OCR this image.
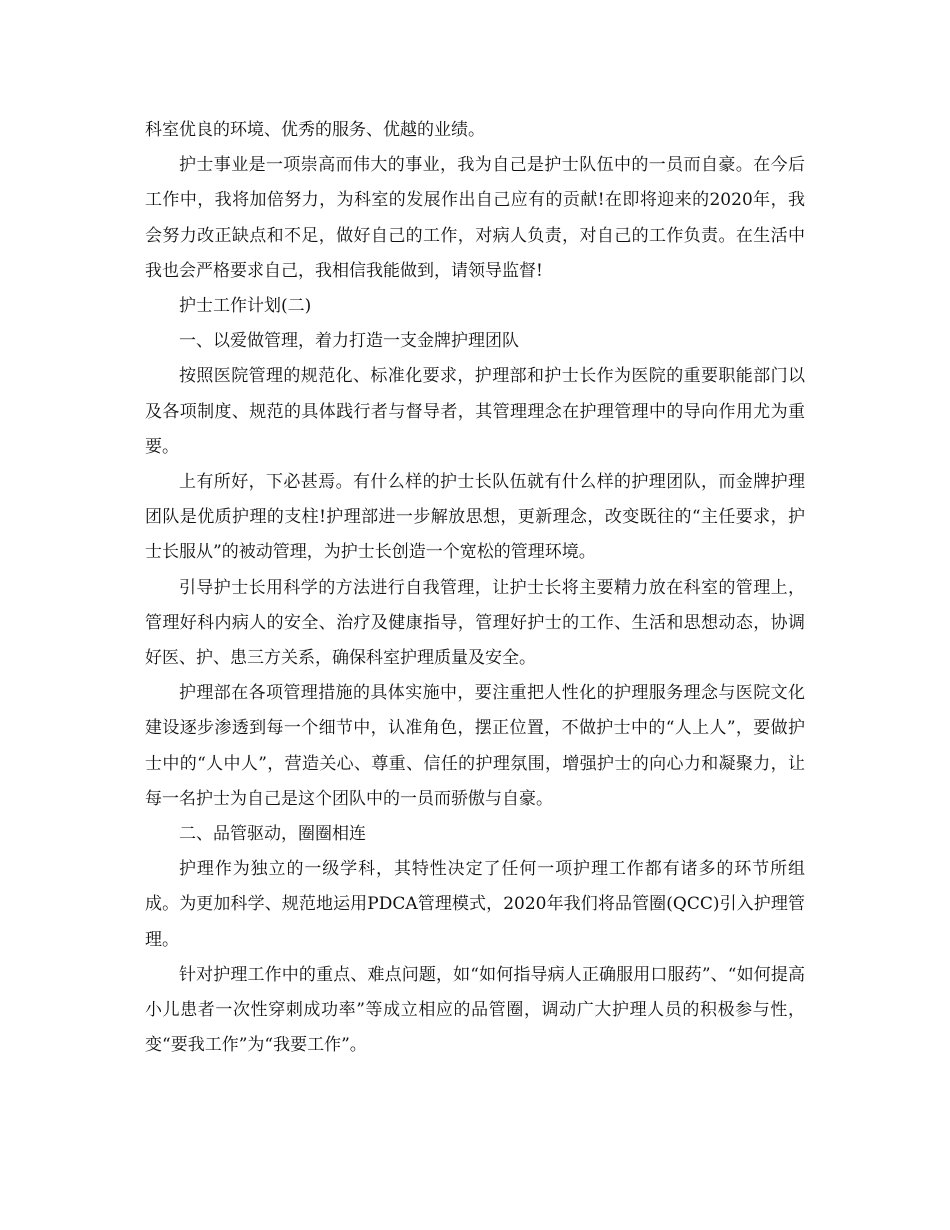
科室优良的环境、优秀的服务、优越的业绩。

护士事业是一项崇高而伟大的事业，我为自己是护士队伍中的一员而自豪。在今后工作中，我将加倍努力，为科室的发展作出自己应有的贡献!在即将迎来的2020年，我会努力改正缺点和不足，做好自己的工作，对病人负责，对自己的工作负责。在生活中我也会严格要求自己，我相信我能做到，请领导监督!

护士工作计划(二)

一、以爱做管理，着力打造一支金牌护理团队

按照医院管理的规范化、标准化要求，护理部和护士长作为医院的重要职能部门以及各项制度、规范的具体践行者与督导者，其管理理念在护理管理中的导向作用尤为重要。

上有所好，下必甚焉。有什么样的护士长队伍就有什么样的护理团队，而金牌护理团队是优质护理的支柱!护理部进一步解放思想，更新理念，改变既往的“主任要求，护士长服从”的被动管理，为护士长创造一个宽松的管理环境。

引导护士长用科学的方法进行自我管理，让护士长将主要精力放在科室的管理上，管理好科内病人的安全、治疗及健康指导，管理好护士的工作、生活和思想动态，协调好医、护、患三方关系，确保科室护理质量及安全。

护理部在各项管理措施的具体实施中，要注重把人性化的护理服务理念与医院文化建设逐步渗透到每一个细节中，认准角色，摆正位置，不做护士中的“人上人”，要做护士中的“人中人”，营造关心、尊重、信任的护理氛围，增强护士的向心力和凝聚力，让每一名护士为自己是这个团队中的一员而骄傲与自豪。

二、品管驱动，圈圈相连

护理作为独立的一级学科，其特性决定了任何一项护理工作都有诸多的环节所组成。为更加科学、规范地运用PDCA管理模式，2020年我们将品管圈(QCC)引入护理管理。

针对护理工作中的重点、难点问题，如“如何指导病人正确服用口服药”、“如何提高小儿患者一次性穿刺成功率”等成立相应的品管圈，调动广大护理人员的积极参与性，变“要我工作”为“我要工作”。
